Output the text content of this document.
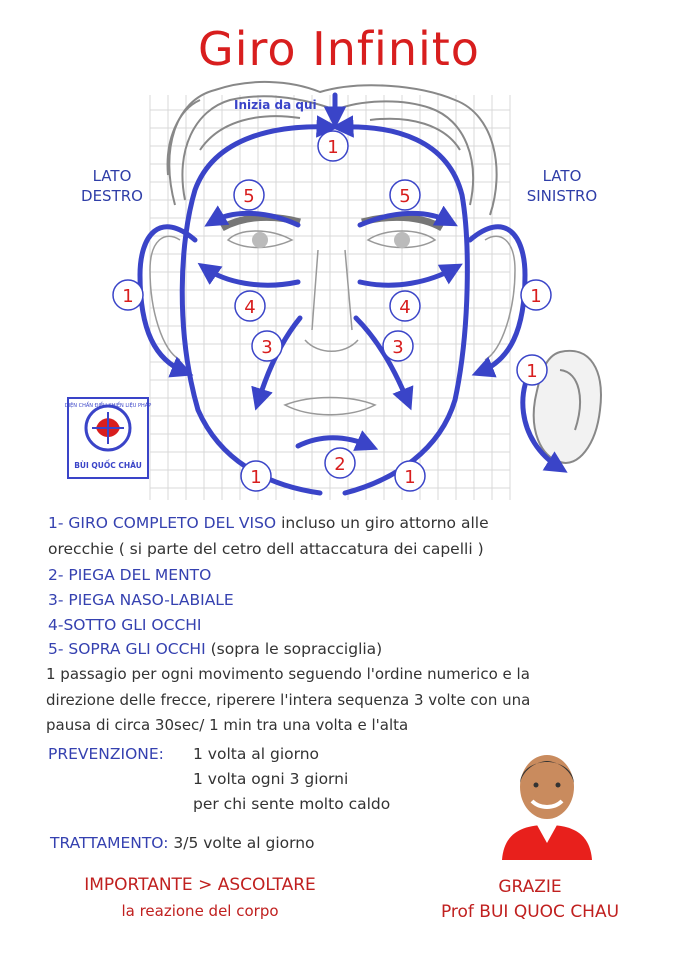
Giro Infinito
1
5	5
1	1
4	4
3	3
1
2
1	1
DIỆN CHẨN ĐIỀU KHIỂN LIỆU PHÁP
BÙI QUỐC CHÂU
Inizia da qui
LATO
DESTRO
LATO
SINISTRO
1- GIRO COMPLETO DEL VISO incluso un giro attorno alle
orecchie ( si parte del cetro dell attaccatura dei capelli )
2- PIEGA DEL MENTO
3- PIEGA NASO-LABIALE
4-SOTTO GLI OCCHI
5- SOPRA GLI OCCHI (sopra le sopracciglia)
1 passagio per ogni movimento seguendo l'ordine numerico e la
direzione delle frecce, riperere l'intera sequenza 3 volte con una
pausa di circa 30sec/ 1 min tra una volta e l'alta
PREVENZIONE: 1 volta al giorno
1 volta ogni 3 giorni
per chi sente molto caldo
TRATTAMENTO: 3/5 volte al giorno
IMPORTANTE > ASCOLTARE
la reazione del corpo
GRAZIE
Prof BUI QUOC CHAU
